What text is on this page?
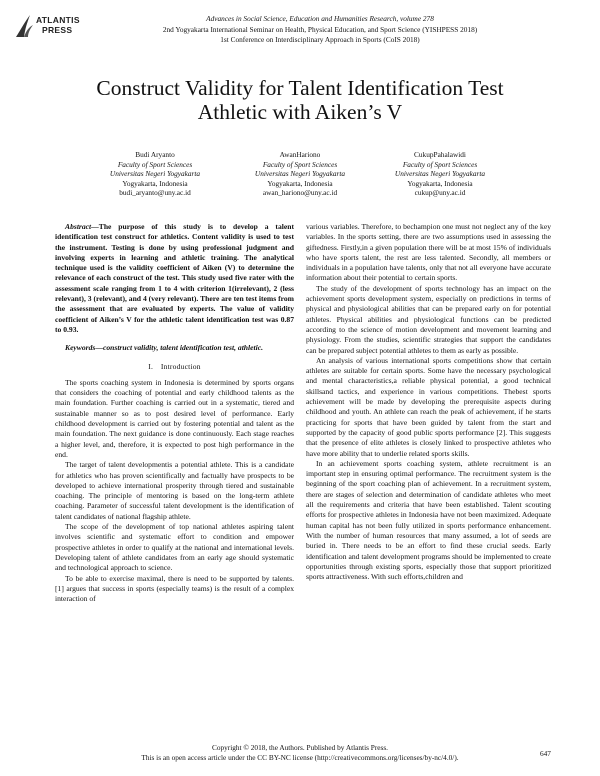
ATLANTIS
PRESS
Advances in Social Science, Education and Humanities Research, volume 278
2nd Yogyakarta International Seminar on Health, Physical Education, and Sport Science (YISHPESS 2018)
1st Conference on Interdisciplinary Approach in Sports (CoIS 2018)
Construct Validity for Talent Identification Test
Athletic with Aiken’s V
Budi Aryanto
Faculty of Sport Sciences
Universitas Negeri Yogyakarta
Yogyakarta, Indonesia
budi_aryanto@uny.ac.id
AwanHariono
Faculty of Sport Sciences
Universitas Negeri Yogyakarta
Yogyakarta, Indonesia
awan_hariono@uny.ac.id
CukupPahalawidi
Faculty of Sport Sciences
Universitas Negeri Yogyakarta
Yogyakarta, Indonesia
cukup@uny.ac.id

Abstract—The purpose of this study is to develop a talent identification test construct for athletics. Content validity is used to test the instrument. Testing is done by using professional judgment and involving experts in learning and athletic training. The analytical technique used is the validity coefficient of Aiken (V) to determine the relevance of each construct of the test. This study used five rater with the assessment scale ranging from 1 to 4 with criterion 1(irrelevant), 2 (less relevant), 3 (relevant), and 4 (very relevant). There are ten test items from the assessment that are evaluated by experts. The value of validity coefficient of Aiken’s V for the athletic talent identification test was 0.87 to 0.93.

Keywords—construct validity, talent identification test, athletic.

I. Introduction

The sports coaching system in Indonesia is determined by sports organs that considers the coaching of potential and early childhood talents as the main foundation. Further coaching is carried out in a systematic, tiered and sustainable manner so as to post desired level of performance. Early childhood development is carried out by fostering potential and talent as the main foundation. The next guidance is done continuously. Each stage reaches a higher level, and, therefore, it is expected to post high performance in the end.

The target of talent developmentis a potential athlete. This is a candidate for athletics who has proven scientifically and factually have prospects to be developed to achieve international prosperity through tiered and sustainable coaching. The principle of mentoring is based on the long-term athlete coaching. Parameter of successful talent development is the identification of talent candidates of national flagship athlete.

The scope of the development of top national athletes aspiring talent involves scientific and systematic effort to condition and empower prospective athletes in order to qualify at the national and international levels. Developing talent of athlete candidates from an early age should systematic and technological approach to science.

To be able to exercise maximal, there is need to be supported by talents. [1] argues that success in sports (especially teams) is the result of a complex interaction of

various variables. Therefore, to bechampion one must not neglect any of the key variables. In the sports setting, there are two assumptions used in assessing the giftedness. Firstly,in a given population there will be at most 15% of individuals who have sports talent, the rest are less talented. Secondly, all members or individuals in a population have talents, only that not all everyone have accurate information about their potential to certain sports.

The study of the development of sports technology has an impact on the achievement sports development system, especially on predictions in terms of physical and physiological abilities that can be prepared early on for potential athletes. Physical abilities and physiological functions can be predicted according to the science of motion development and movement learning and physiology. From the studies, scientific strategies that support the candidates can be prepared subject potential athletes to them as early as possible.

An analysis of various international sports competitions show that certain athletes are suitable for certain sports. Some have the necessary psychological and mental characteristics,a reliable physical potential, a good technical skillsand tactics, and experience in various competitions. Thebest sports achievement will be made by developing the prerequisite aspects during childhood and youth. An athlete can reach the peak of achievement, if he starts practicing for sports that have been guided by talent from the start and supported by the capacity of good public sports performance [2]. This suggests that the presence of elite athletes is closely linked to prospective athletes who have more ability that to underlie related sports skills.

In an achievement sports coaching system, athlete recruitment is an important step in ensuring optimal performance. The recruitment system is the beginning of the sport coaching plan of achievement. In a recruitment system, there are stages of selection and determination of candidate athletes who meet all the requirements and criteria that have been established. Talent scouting efforts for prospective athletes in Indonesia have not been maximized. Adequate human capital has not been fully utilized in sports performance enhancement. With the number of human resources that many assumed, a lot of seeds are buried in. There needs to be an effort to find these crucial seeds. Early identification and talent development programs should be implemented to create opportunities through existing sports, especially those that support prioritized sports attractiveness. With such efforts,children and

Copyright © 2018, the Authors. Published by Atlantis Press.
This is an open access article under the CC BY-NC license (http://creativecommons.org/licenses/by-nc/4.0/).	647
